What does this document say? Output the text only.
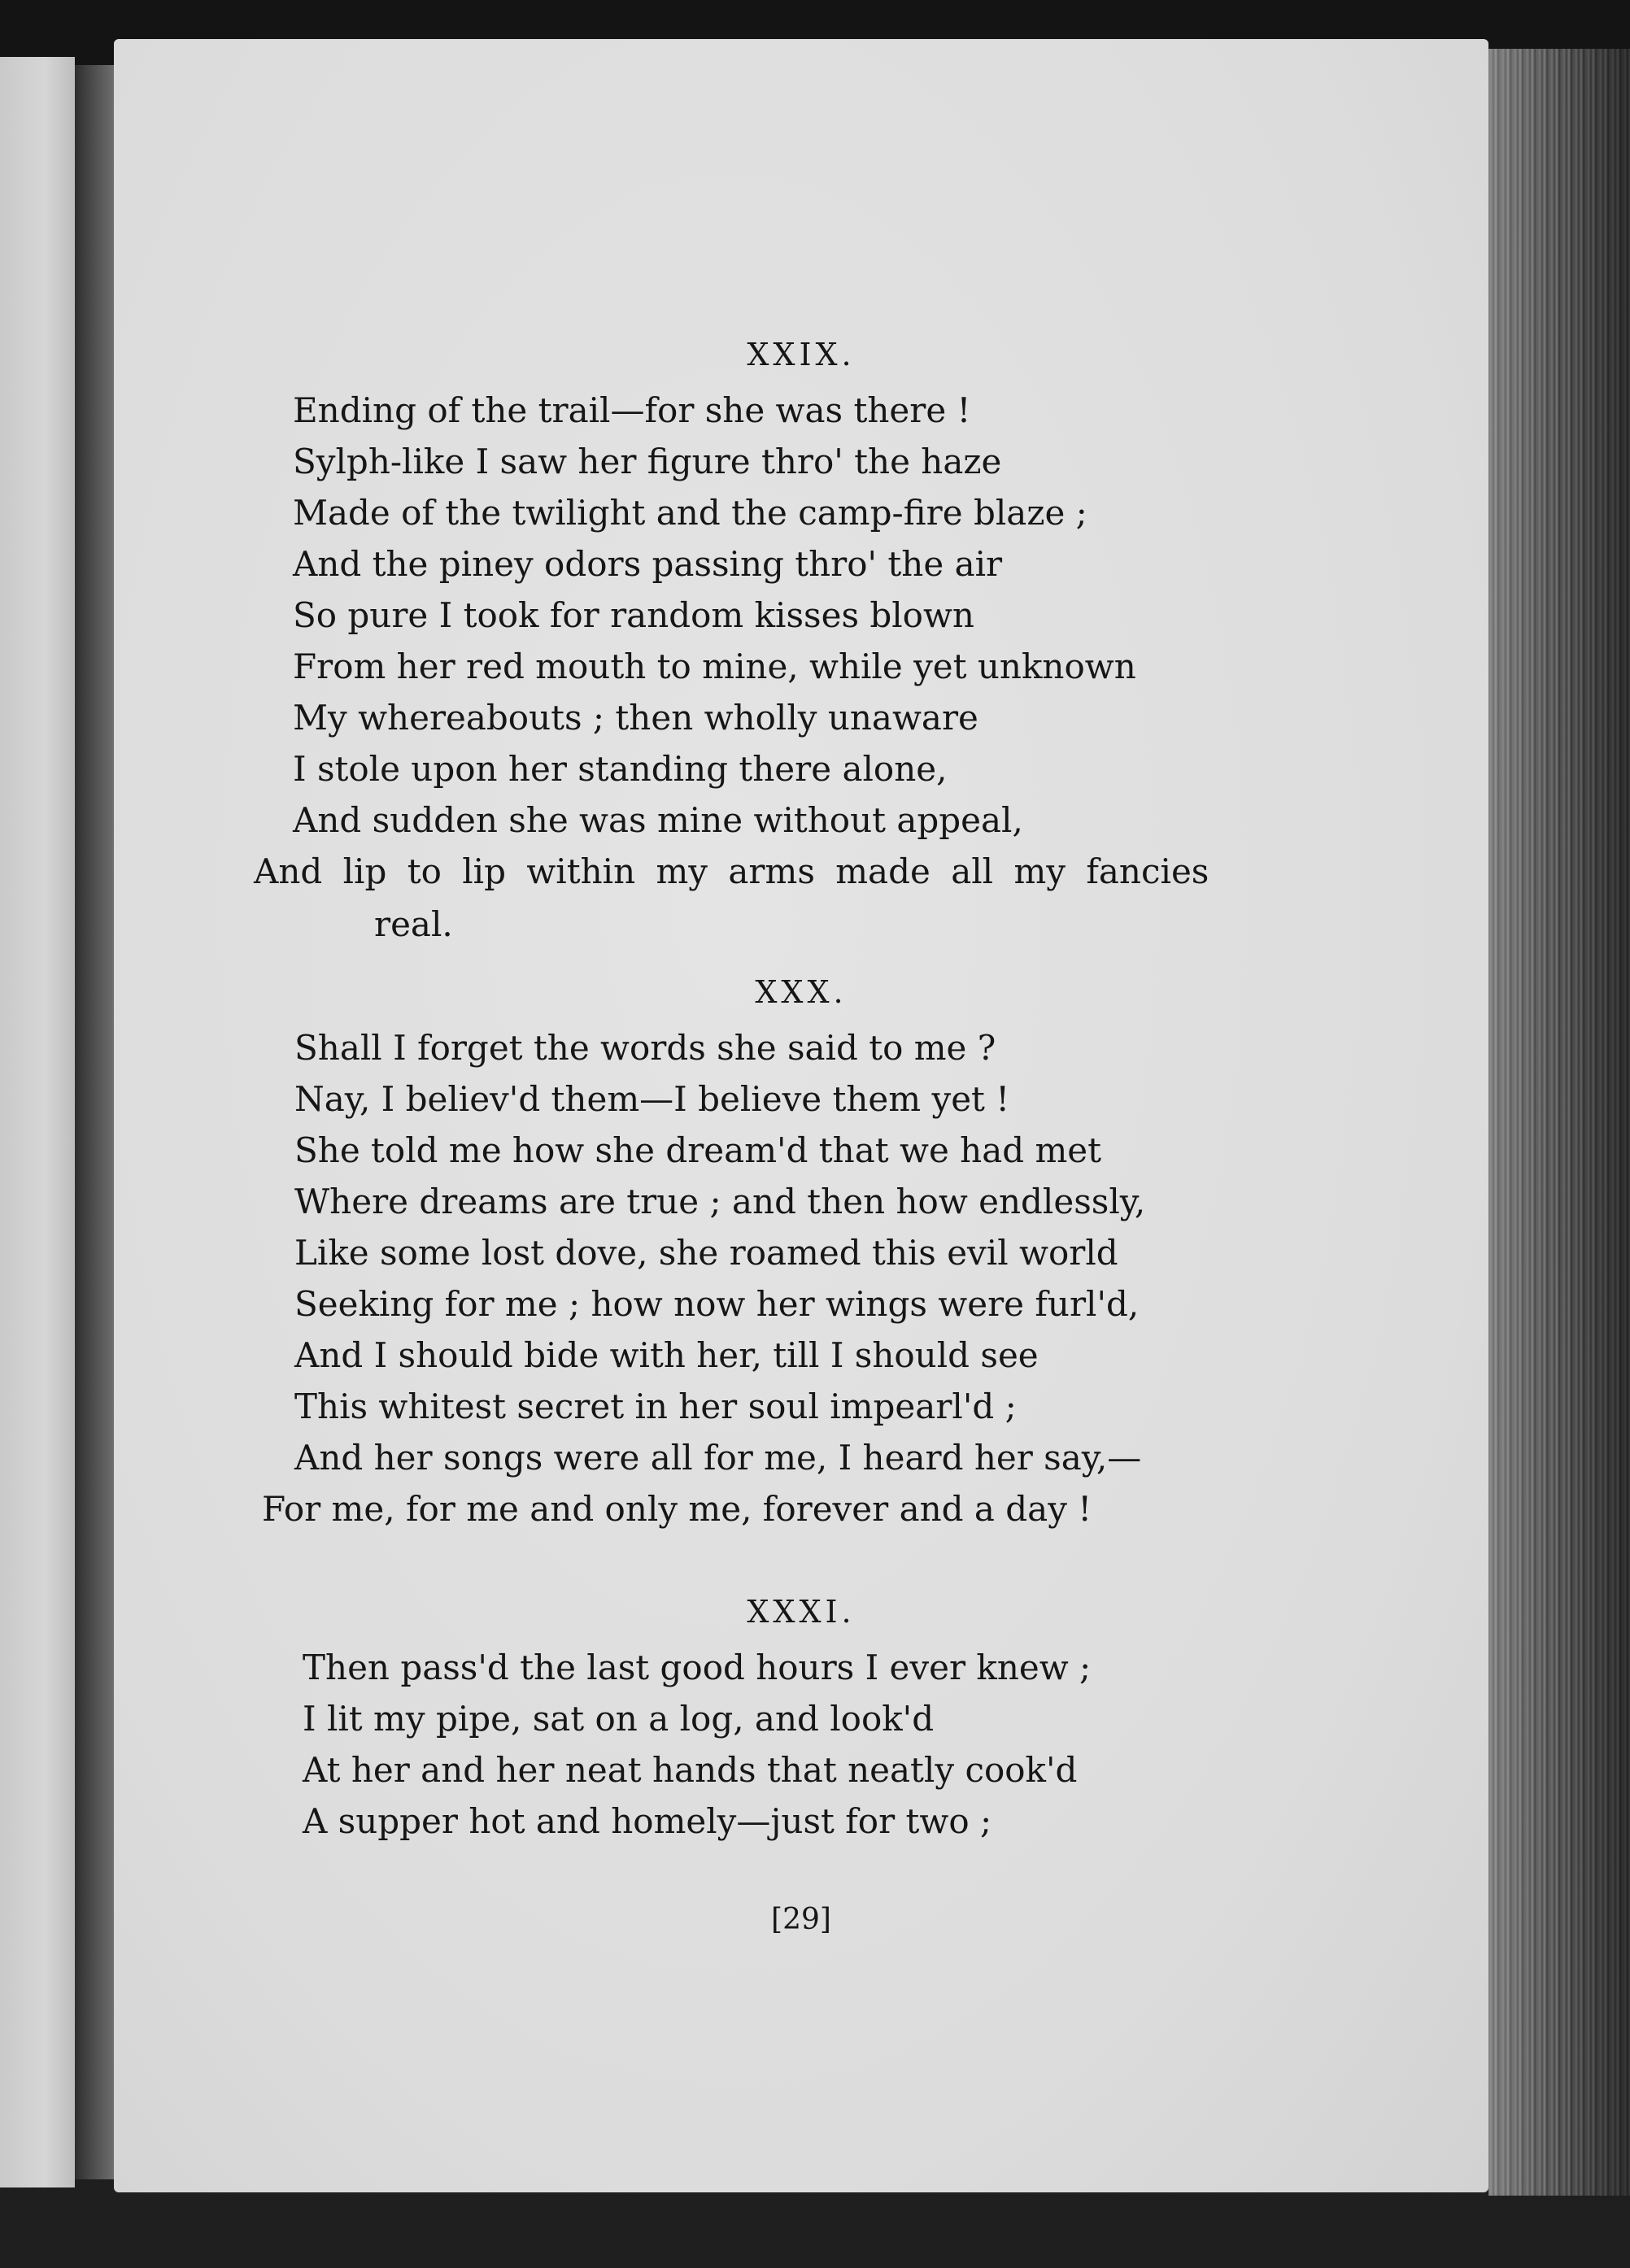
XXIX.

Ending of the trail—for she was there !

Sylph-like I saw her figure thro' the haze

Made of the twilight and the camp-fire blaze ;

And the piney odors passing thro' the air

So pure I took for random kisses blown

From her red mouth to mine, while yet unknown

My whereabouts ; then wholly unaware

I stole upon her standing there alone,

And sudden she was mine without appeal,

And lip to lip within my arms made all my fancies

real.

XXX.

Shall I forget the words she said to me ?

Nay, I believ'd them—I believe them yet !

She told me how she dream'd that we had met

Where dreams are true ; and then how endlessly,

Like some lost dove, she roamed this evil world

Seeking for me ; how now her wings were furl'd,

And I should bide with her, till I should see

This whitest secret in her soul impearl'd ;

And her songs were all for me, I heard her say,—

For me, for me and only me, forever and a day !

XXXI.

Then pass'd the last good hours I ever knew ;

I lit my pipe, sat on a log, and look'd

At her and her neat hands that neatly cook'd

A supper hot and homely—just for two ;

[29]
